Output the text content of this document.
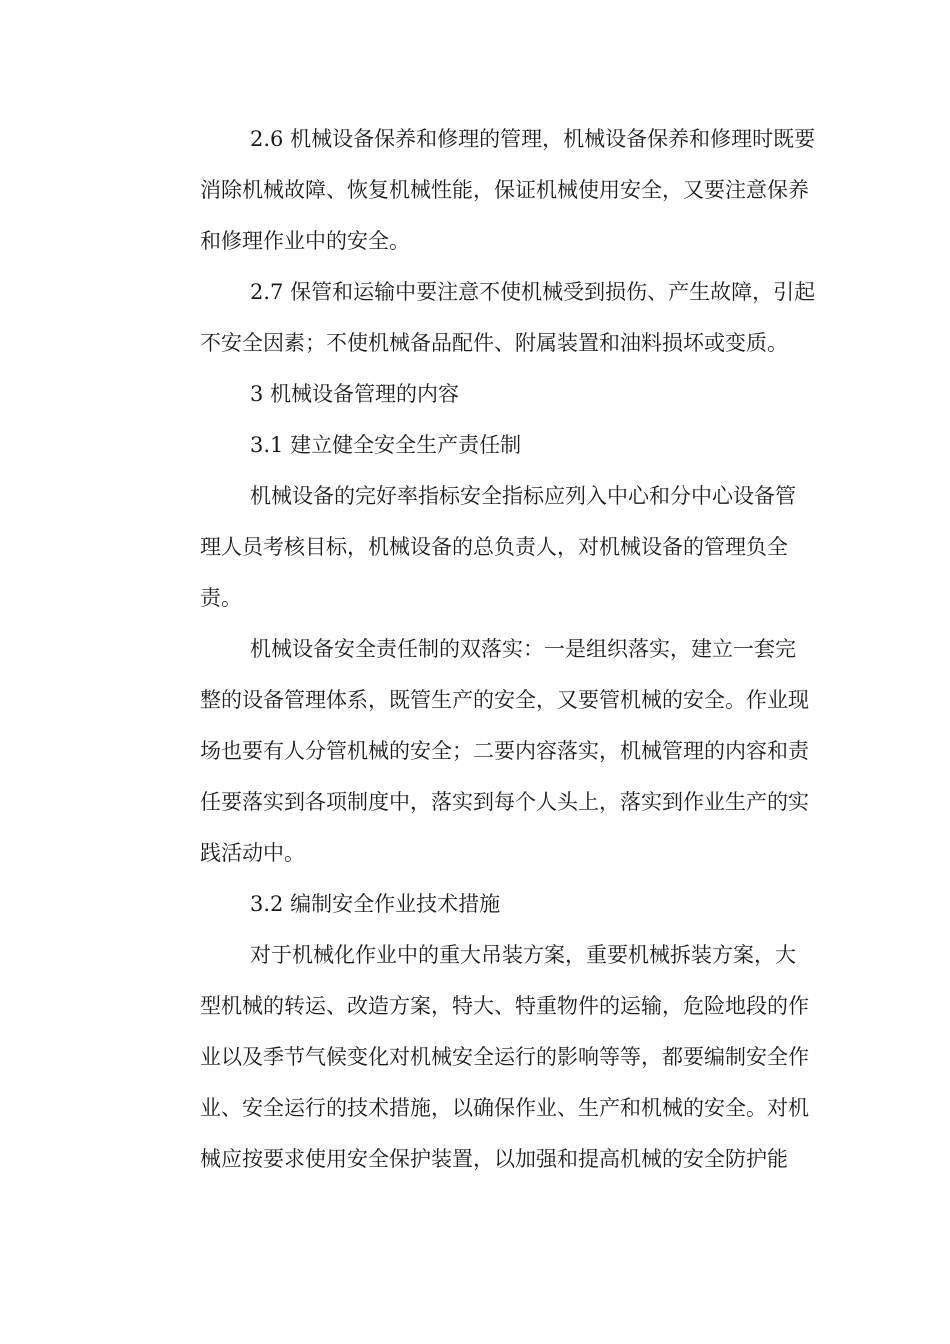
2.6 机械设备保养和修理的管理，机械设备保养和修理时既要
消除机械故障、恢复机械性能，保证机械使用安全，又要注意保养
和修理作业中的安全。
2.7 保管和运输中要注意不使机械受到损伤、产生故障，引起
不安全因素；不使机械备品配件、附属装置和油料损坏或变质。
3 机械设备管理的内容
3.1 建立健全安全生产责任制
机械设备的完好率指标安全指标应列入中心和分中心设备管
理人员考核目标，机械设备的总负责人，对机械设备的管理负全
责。
机械设备安全责任制的双落实：一是组织落实，建立一套完
整的设备管理体系，既管生产的安全，又要管机械的安全。作业现
场也要有人分管机械的安全；二要内容落实，机械管理的内容和责
任要落实到各项制度中，落实到每个人头上，落实到作业生产的实
践活动中。
3.2 编制安全作业技术措施
对于机械化作业中的重大吊装方案，重要机械拆装方案，大
型机械的转运、改造方案，特大、特重物件的运输，危险地段的作
业以及季节气候变化对机械安全运行的影响等等，都要编制安全作
业、安全运行的技术措施，以确保作业、生产和机械的安全。对机
械应按要求使用安全保护装置，以加强和提高机械的安全防护能
